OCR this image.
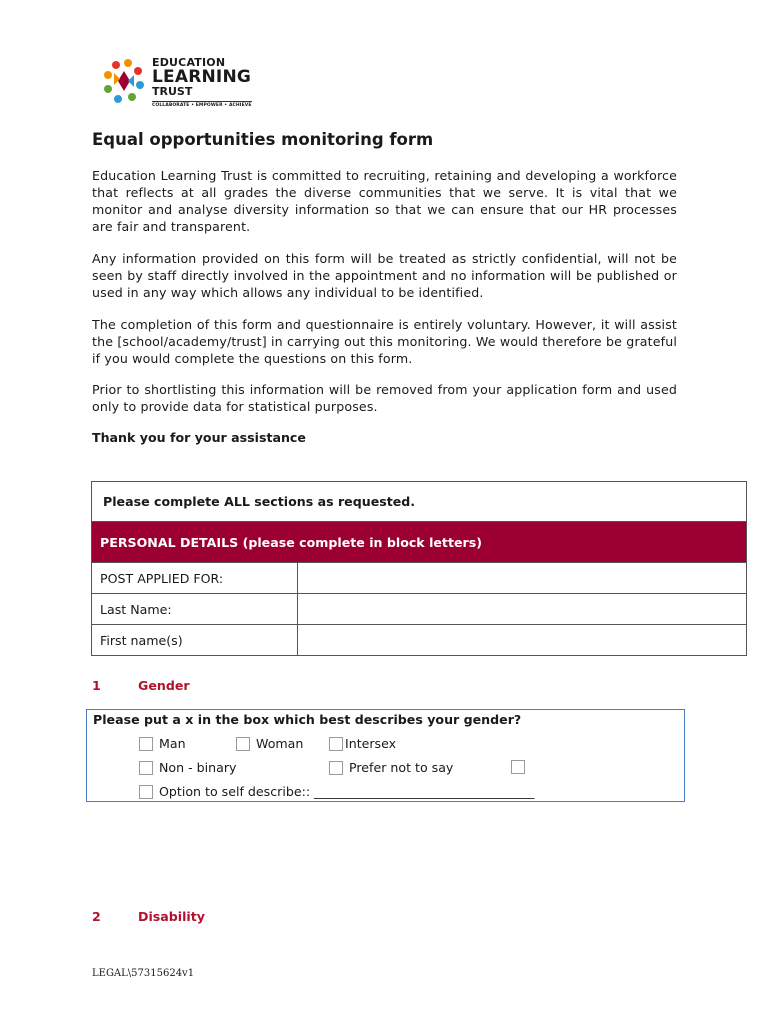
EDUCATION
LEARNING
TRUST
COLLABORATE • EMPOWER • ACHIEVE
Equal opportunities monitoring form

Education Learning Trust is committed to recruiting, retaining and developing a workforce that reflects at all grades the diverse communities that we serve. It is vital that we monitor and analyse diversity information so that we can ensure that our HR processes are fair and transparent.

Any information provided on this form will be treated as strictly confidential, will not be seen by staff directly involved in the appointment and no information will be published or used in any way which allows any individual to be identified.

The completion of this form and questionnaire is entirely voluntary. However, it will assist the [school/academy/trust] in carrying out this monitoring. We would therefore be grateful if you would complete the questions on this form.

Prior to shortlisting this information will be removed from your application form and used only to provide data for statistical purposes.

Thank you for your assistance

Please complete ALL sections as requested.	
PERSONAL DETAILS (please complete in block letters)	
POST APPLIED FOR:	
Last Name:	
First name(s)	
1	Gender
Please put a x in the box which best describes your gender?
Man	Woman	Intersex
Non - binary	Prefer not to say
Option to self describe:: ___________________________________
2	Disability
LEGAL\57315624v1
